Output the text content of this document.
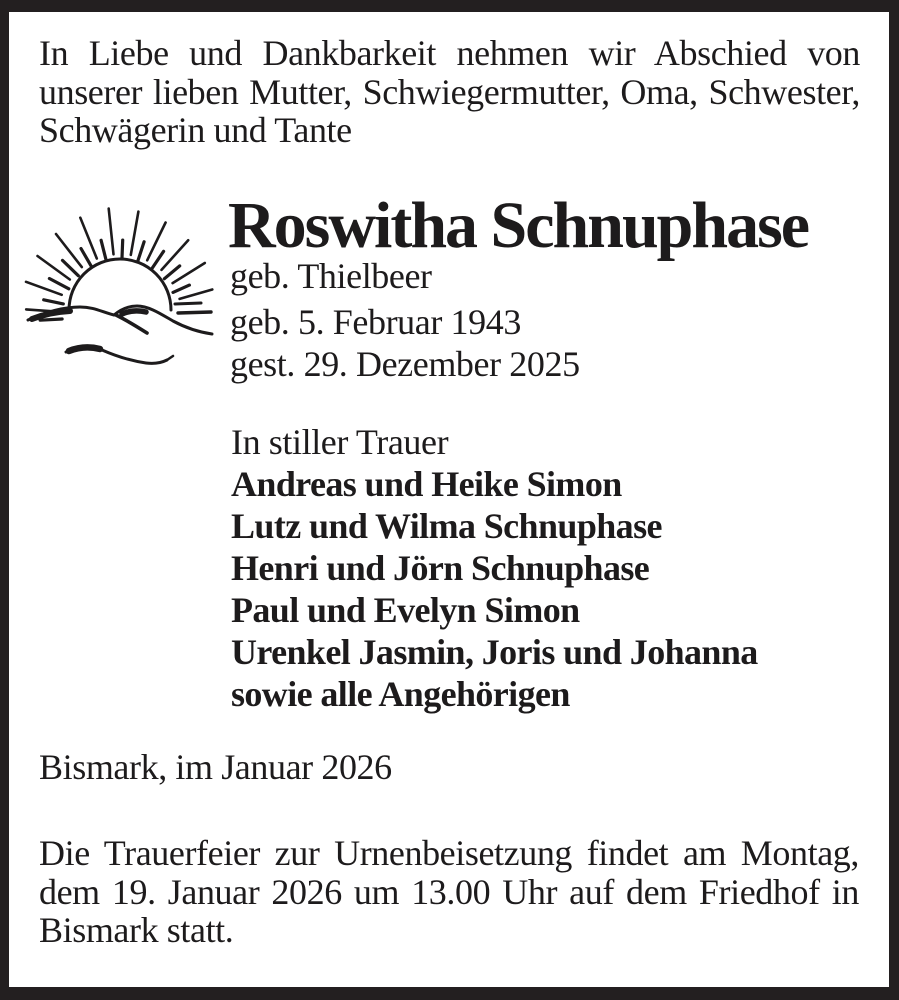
In Liebe und Dankbarkeit nehmen wir Abschied von
unserer lieben Mutter, Schwiegermutter, Oma, Schwester,
Schwägerin und Tante
Roswitha Schnuphase
geb. Thielbeer
geb. 5. Februar 1943
gest. 29. Dezember 2025
In stiller Trauer
Andreas und Heike Simon
Lutz und Wilma Schnuphase
Henri und Jörn Schnuphase
Paul und Evelyn Simon
Urenkel Jasmin, Joris und Johanna
sowie alle Angehörigen
Bismark, im Januar 2026
Die Trauerfeier zur Urnenbeisetzung findet am Montag,
dem 19. Januar 2026 um 13.00 Uhr auf dem Friedhof in
Bismark statt.
